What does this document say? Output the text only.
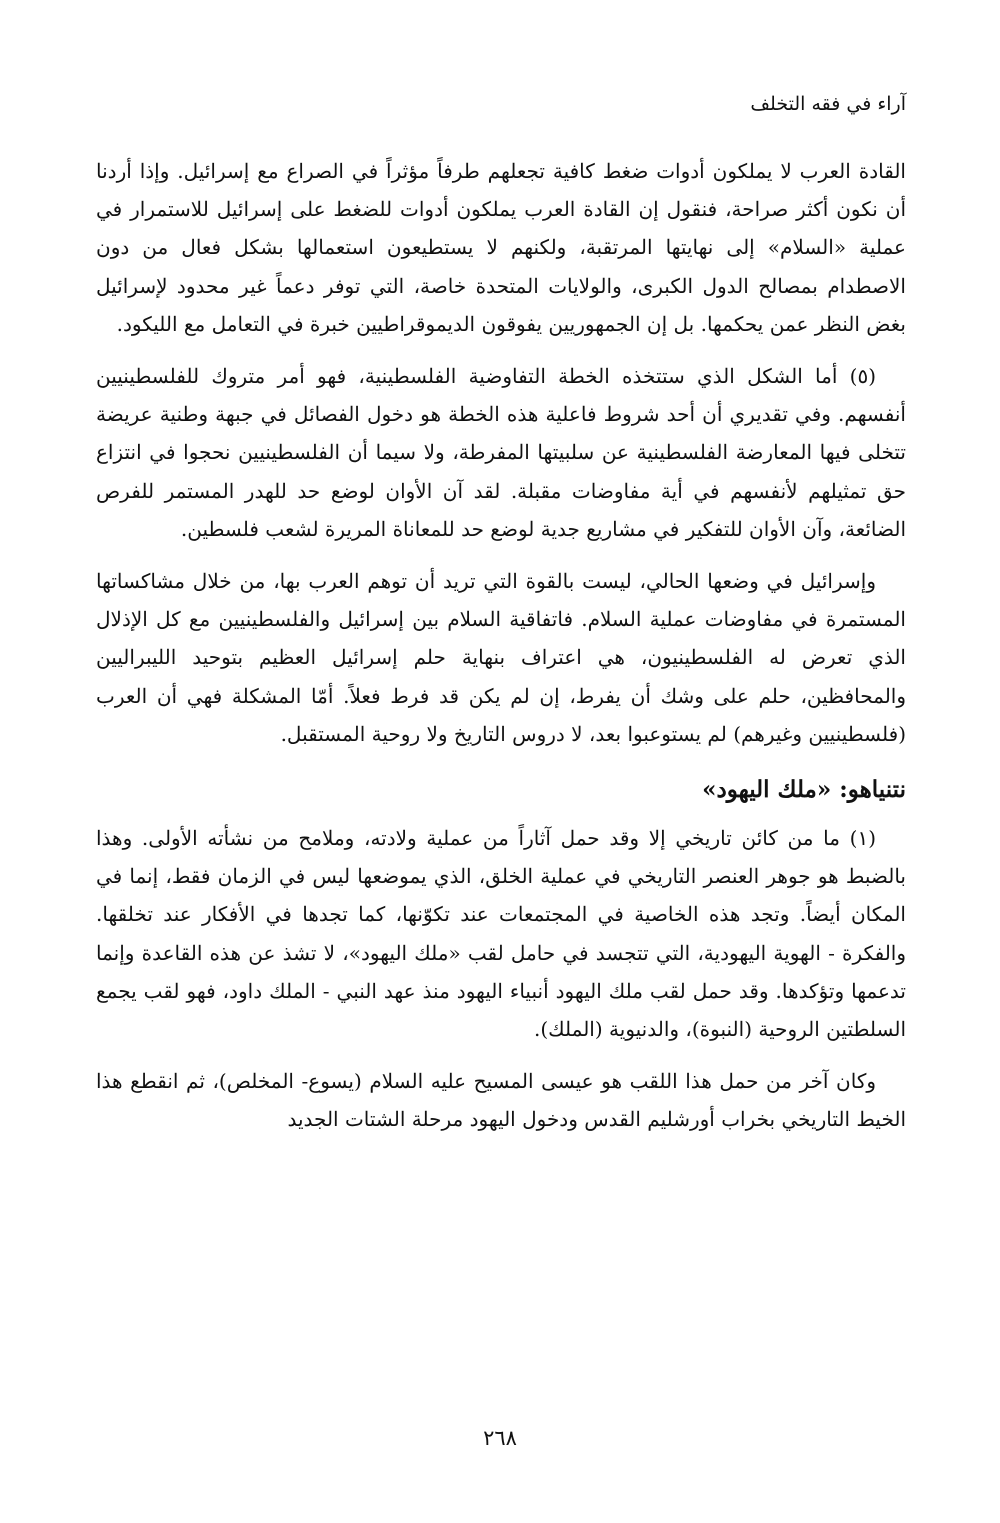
آراء في فقه التخلف

القادة العرب لا يملكون أدوات ضغط كافية تجعلهم طرفاً مؤثراً في الصراع مع إسرائيل. وإذا أردنا أن نكون أكثر صراحة، فنقول إن القادة العرب يملكون أدوات للضغط على إسرائيل للاستمرار في عملية «السلام» إلى نهايتها المرتقبة، ولكنهم لا يستطيعون استعمالها بشكل فعال من دون الاصطدام بمصالح الدول الكبرى، والولايات المتحدة خاصة، التي توفر دعماً غير محدود لإسرائيل بغض النظر عمن يحكمها. بل إن الجمهوريين يفوقون الديموقراطيين خبرة في التعامل مع الليكود.

(٥) أما الشكل الذي ستتخذه الخطة التفاوضية الفلسطينية، فهو أمر متروك للفلسطينيين أنفسهم. وفي تقديري أن أحد شروط فاعلية هذه الخطة هو دخول الفصائل في جبهة وطنية عريضة تتخلى فيها المعارضة الفلسطينية عن سلبيتها المفرطة، ولا سيما أن الفلسطينيين نحجوا في انتزاع حق تمثيلهم لأنفسهم في أية مفاوضات مقبلة. لقد آن الأوان لوضع حد للهدر المستمر للفرص الضائعة، وآن الأوان للتفكير في مشاريع جدية لوضع حد للمعاناة المريرة لشعب فلسطين.

وإسرائيل في وضعها الحالي، ليست بالقوة التي تريد أن توهم العرب بها، من خلال مشاكساتها المستمرة في مفاوضات عملية السلام. فاتفاقية السلام بين إسرائيل والفلسطينيين مع كل الإذلال الذي تعرض له الفلسطينيون، هي اعتراف بنهاية حلم إسرائيل العظيم بتوحيد الليبراليين والمحافظين، حلم على وشك أن يفرط، إن لم يكن قد فرط فعلاً. أمّا المشكلة فهي أن العرب (فلسطينيين وغيرهم) لم يستوعبوا بعد، لا دروس التاريخ ولا روحية المستقبل.

نتنياهو: «ملك اليهود»

(١) ما من كائن تاريخي إلا وقد حمل آثاراً من عملية ولادته، وملامح من نشأته الأولى. وهذا بالضبط هو جوهر العنصر التاريخي في عملية الخلق، الذي يموضعها ليس في الزمان فقط، إنما في المكان أيضاً. وتجد هذه الخاصية في المجتمعات عند تكوّنها، كما تجدها في الأفكار عند تخلقها. والفكرة - الهوية اليهودية، التي تتجسد في حامل لقب «ملك اليهود»، لا تشذ عن هذه القاعدة وإنما تدعمها وتؤكدها. وقد حمل لقب ملك اليهود أنبياء اليهود منذ عهد النبي - الملك داود، فهو لقب يجمع السلطتين الروحية (النبوة)، والدنيوية (الملك).

وكان آخر من حمل هذا اللقب هو عيسى المسيح عليه السلام (يسوع- المخلص)، ثم انقطع هذا الخيط التاريخي بخراب أورشليم القدس ودخول اليهود مرحلة الشتات الجديد

٢٦٨
